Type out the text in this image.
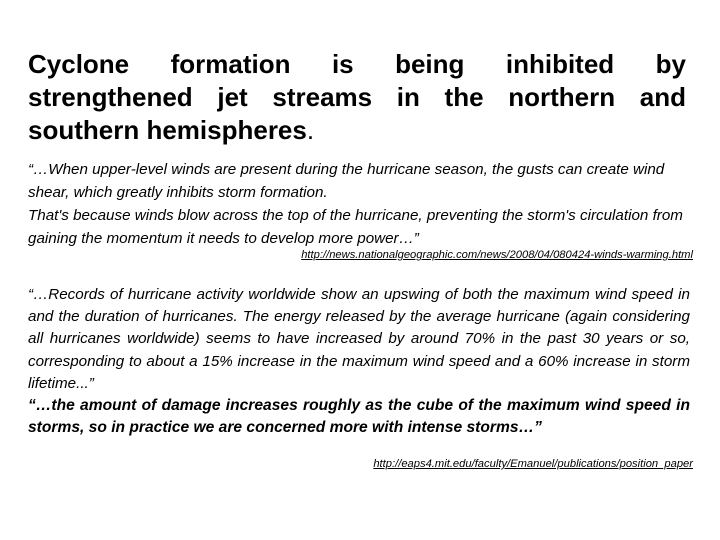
Cyclone formation is being inhibited by strengthened jet streams in the northern and southern hemispheres.
“…When upper-level winds are present during the hurricane season, the gusts can create wind shear, which greatly inhibits storm formation.
That's because winds blow across the top of the hurricane, preventing the storm's circulation from gaining the momentum it needs to develop more power…”
http://news.nationalgeographic.com/news/2008/04/080424-winds-warming.html
“…Records of hurricane activity worldwide show an upswing of both the maximum wind speed in and the duration of hurricanes. The energy released by the average hurricane (again considering all hurricanes worldwide) seems to have increased by around 70% in the past 30 years or so, corresponding to about a 15% increase in the maximum wind speed and a 60% increase in storm lifetime...”
“…the amount of damage increases roughly as the cube of the maximum wind speed in storms, so in practice we are concerned more with intense storms…”
http://eaps4.mit.edu/faculty/Emanuel/publications/position_paper
